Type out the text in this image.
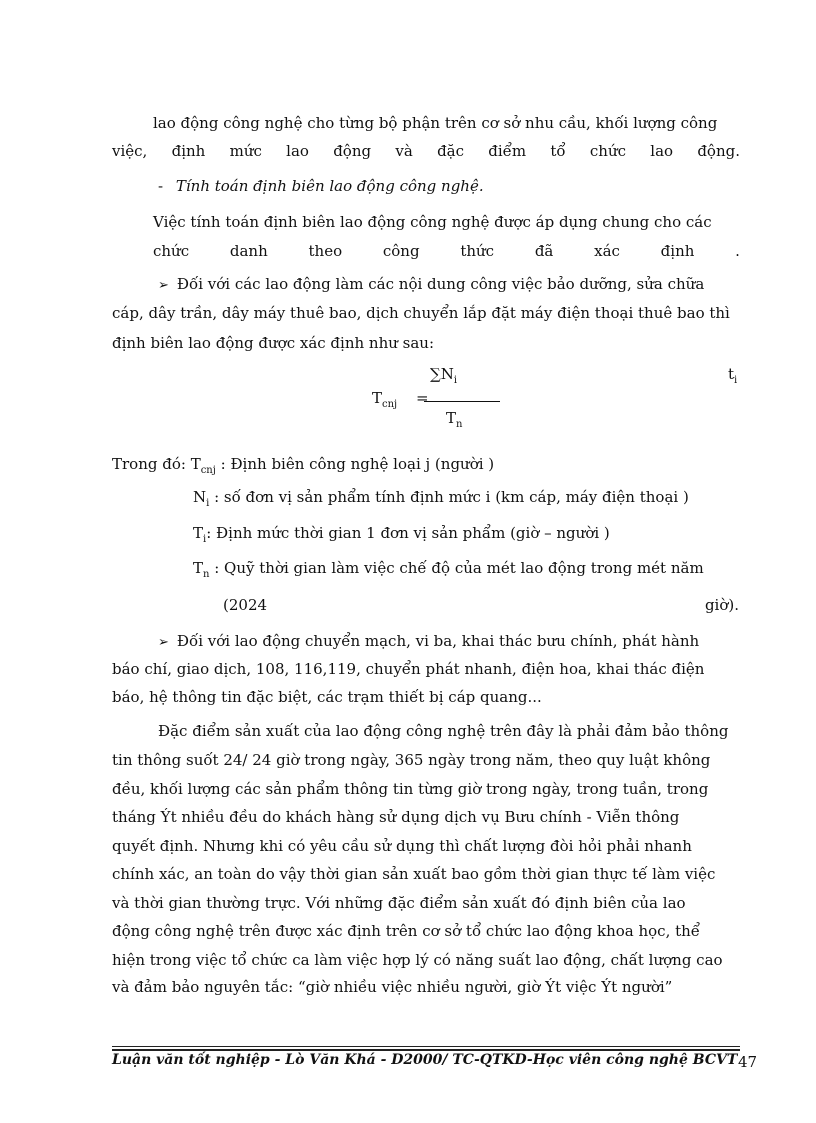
lao động công nghệ cho từng bộ phận trên cơ sở nhu cầu, khối lượng công
việc, định mức lao động và đặc điểm tổ chức lao động.
- Tính toán định biên lao động công nghệ.
Việc tính toán định biên lao động công nghệ được áp dụng chung cho các
chức	danh	theo	công	thức	đã	xác	định	.
➢ Đối với các lao động làm các nội dung công việc bảo dưỡng, sửa chữa
cáp, dây trần, dây máy thuê bao, dịch chuyển lắp đặt máy điện thoại thuê bao thì
định biên lao động được xác định như sau:
$T_{cnj}$ =
$\sum N_i$
$T_n$
$t_i$
Trong đó: $T_{cnj}$ : Định biên công nghệ loại j (người )
$N_i$ : số đơn vị sản phẩm tính định mức i (km cáp, máy điện thoại )
$T_i$: Định mức thời gian 1 đơn vị sản phẩm (giờ – người )
$T_n$ : Quỹ thời gian làm việc chế độ của mét lao động trong mét năm
(2024	giờ).
➢ Đối với lao động chuyển mạch, vi ba, khai thác bưu chính, phát hành
báo chí, giao dịch, 108, 116,119, chuyển phát nhanh, điện hoa, khai thác điện
báo, hệ thông tin đặc biệt, các trạm thiết bị cáp quang...
Đặc điểm sản xuất của lao động công nghệ trên đây là phải đảm bảo thông
tin thông suốt 24/ 24 giờ trong ngày, 365 ngày trong năm, theo quy luật không
đều, khối lượng các sản phẩm thông tin từng giờ trong ngày, trong tuần, trong
tháng Ýt nhiều đều do khách hàng sử dụng dịch vụ Bưu chính - Viễn thông
quyết định. Nhưng khi có yêu cầu sử dụng thì chất lượng đòi hỏi phải nhanh
chính xác, an toàn do vậy thời gian sản xuất bao gồm thời gian thực tế làm việc
và thời gian thường trực. Với những đặc điểm sản xuất đó định biên của lao
động công nghệ trên được xác định trên cơ sở tổ chức lao động khoa học, thể
hiện trong việc tổ chức ca làm việc hợp lý có năng suất lao động, chất lượng cao
và đảm bảo nguyên tắc: “giờ nhiều việc nhiều người, giờ Ýt việc Ýt người”
Luận văn tốt nghiệp - Lò Văn Khá - D2000/ TC-QTKD-Học viên công nghệ BCVT 47
